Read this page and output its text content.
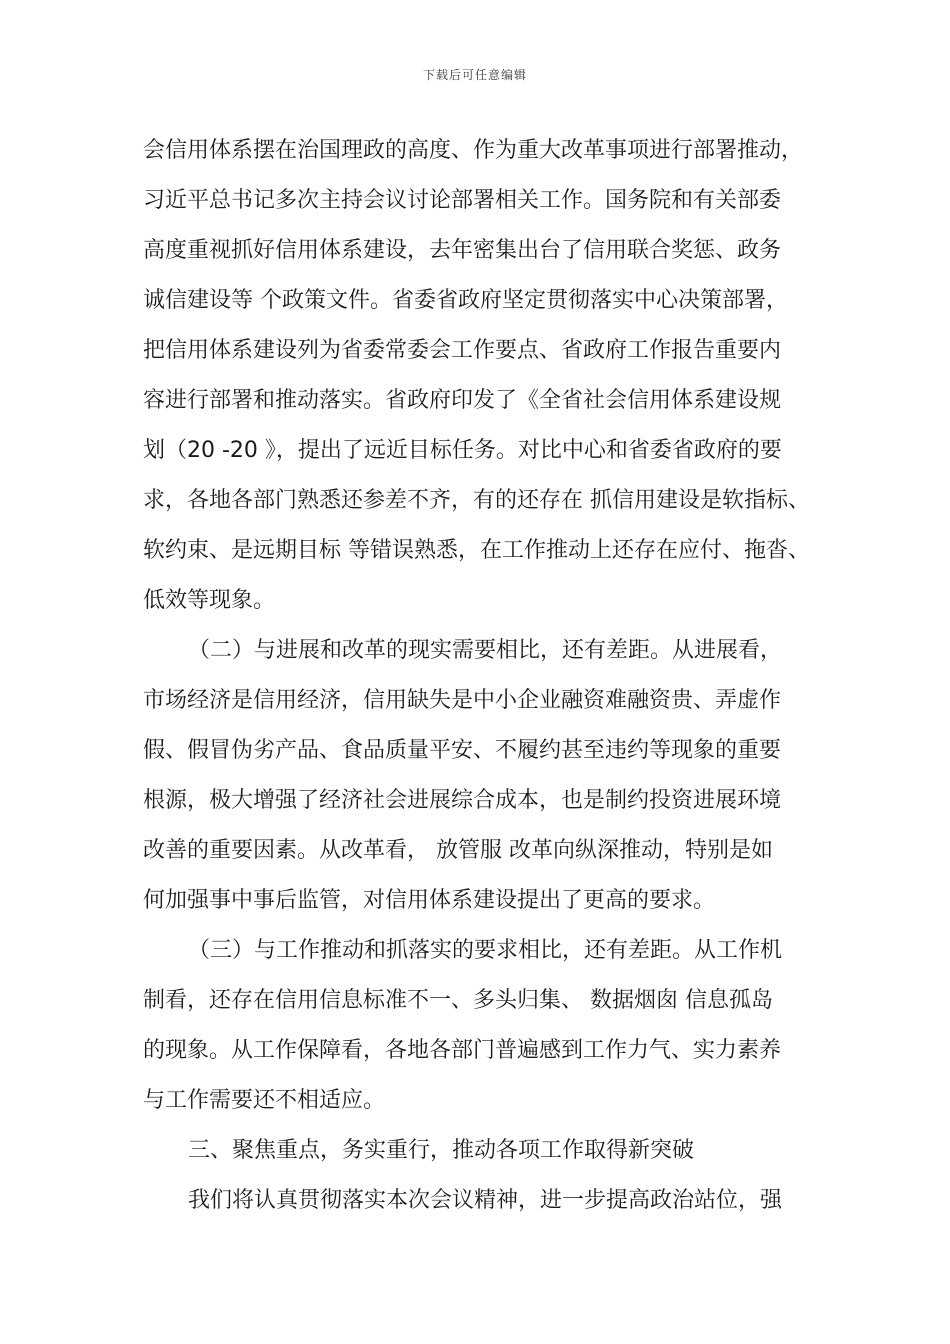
下载后可任意编辑
会信用体系摆在治国理政的高度、作为重大改革事项进行部署推动，
习近平总书记多次主持会议讨论部署相关工作。国务院和有关部委
高度重视抓好信用体系建设，去年密集出台了信用联合奖惩、政务
诚信建设等 个政策文件。省委省政府坚定贯彻落实中心决策部署，
把信用体系建设列为省委常委会工作要点、省政府工作报告重要内
容进行部署和推动落实。省政府印发了《全省社会信用体系建设规
划（20 -20 》，提出了远近目标任务。对比中心和省委省政府的要
求，各地各部门熟悉还参差不齐，有的还存在 抓信用建设是软指标、
软约束、是远期目标 等错误熟悉，在工作推动上还存在应付、拖沓、
低效等现象。
（二）与进展和改革的现实需要相比，还有差距。从进展看，
市场经济是信用经济，信用缺失是中小企业融资难融资贵、弄虚作
假、假冒伪劣产品、食品质量平安、不履约甚至违约等现象的重要
根源，极大增强了经济社会进展综合成本，也是制约投资进展环境
改善的重要因素。从改革看， 放管服 改革向纵深推动，特别是如
何加强事中事后监管，对信用体系建设提出了更高的要求。
（三）与工作推动和抓落实的要求相比，还有差距。从工作机
制看，还存在信用信息标准不一、多头归集、 数据烟囱 信息孤岛
的现象。从工作保障看，各地各部门普遍感到工作力气、实力素养
与工作需要还不相适应。
三、聚焦重点，务实重行，推动各项工作取得新突破
我们将认真贯彻落实本次会议精神，进一步提高政治站位，强
